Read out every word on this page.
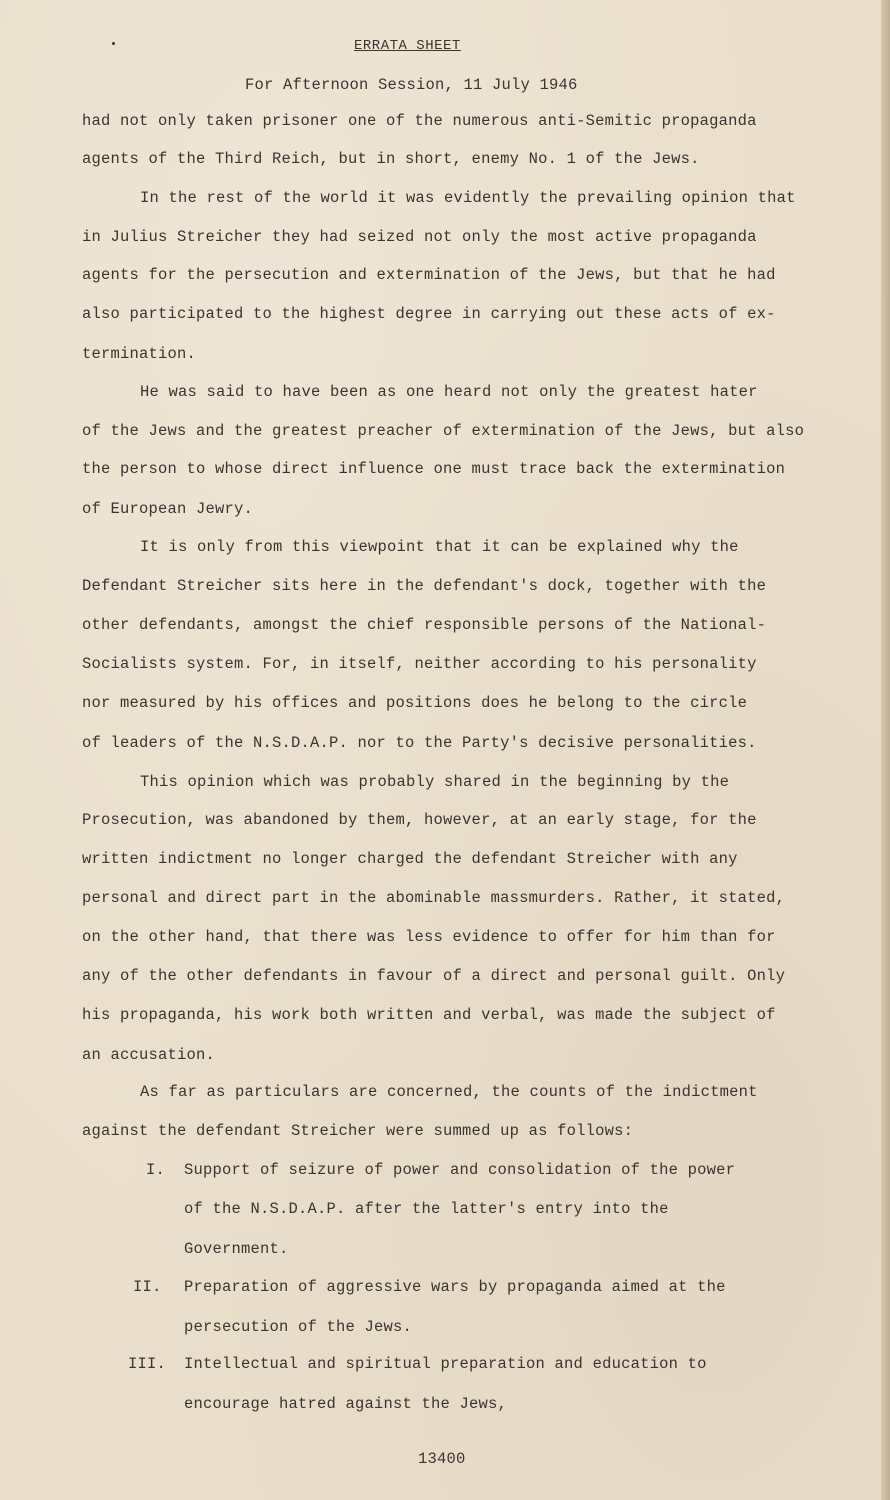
ERRATA SHEET
For Afternoon Session, 11 July 1946
had not only taken prisoner one of the numerous anti-Semitic propaganda
agents of the Third Reich, but in short, enemy No. 1 of the Jews.
In the rest of the world it was evidently the prevailing opinion that
in Julius Streicher they had seized not only the most active propaganda
agents for the persecution and extermination of the Jews, but that he had
also participated to the highest degree in carrying out these acts of ex-
termination.
He was said to have been as one heard not only the greatest hater
of the Jews and the greatest preacher of extermination of the Jews, but also
the person to whose direct influence one must trace back the extermination
of European Jewry.
It is only from this viewpoint that it can be explained why the
Defendant Streicher sits here in the defendant's dock, together with the
other defendants, amongst the chief responsible persons of the National-
Socialists system. For, in itself, neither according to his personality
nor measured by his offices and positions does he belong to the circle
of leaders of the N.S.D.A.P. nor to the Party's decisive personalities.
This opinion which was probably shared in the beginning by the
Prosecution, was abandoned by them, however, at an early stage, for the
written indictment no longer charged the defendant Streicher with any
personal and direct part in the abominable massmurders. Rather, it stated,
on the other hand, that there was less evidence to offer for him than for
any of the other defendants in favour of a direct and personal guilt. Only
his propaganda, his work both written and verbal, was made the subject of
an accusation.
As far as particulars are concerned, the counts of the indictment
against the defendant Streicher were summed up as follows:
I. Support of seizure of power and consolidation of the power
of the N.S.D.A.P. after the latter's entry into the
Government.
II. Preparation of aggressive wars by propaganda aimed at the
persecution of the Jews.
III. Intellectual and spiritual preparation and education to
encourage hatred against the Jews,
13400
